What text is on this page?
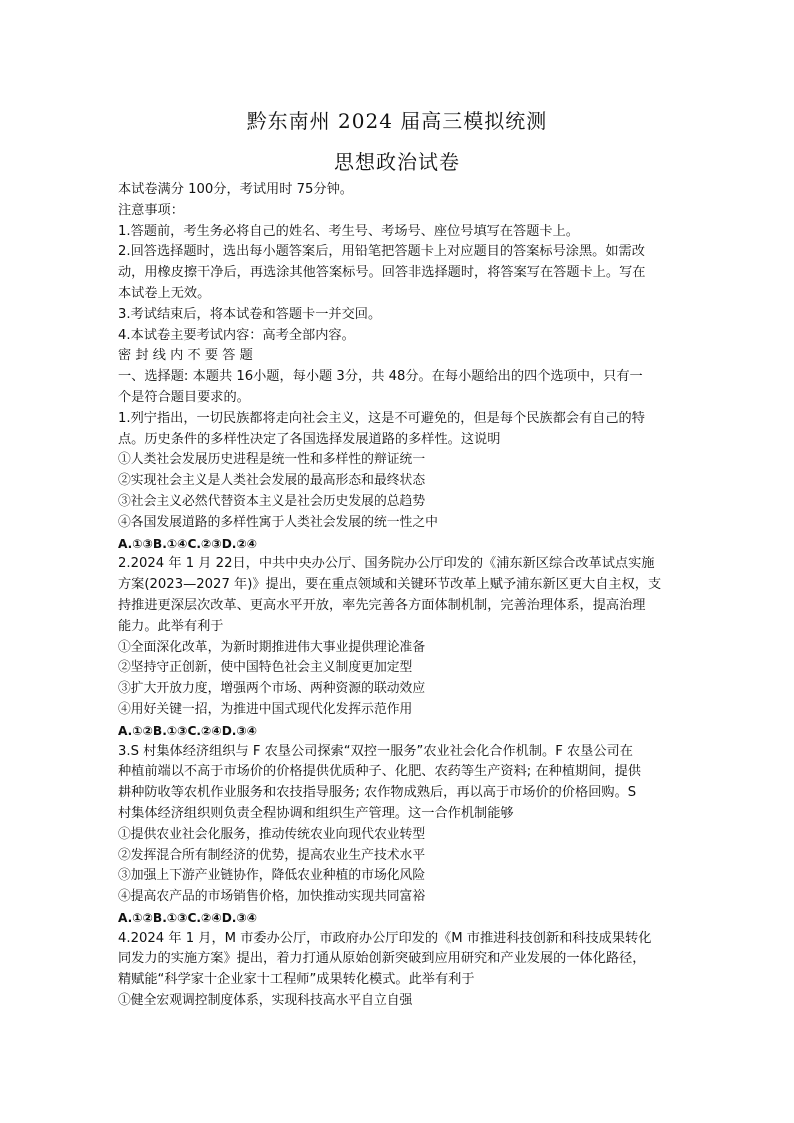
黔东南州 2024 届高三模拟统测
思想政治试卷
本试卷满分 100分，考试用时 75分钟。
注意事项：
1.答题前，考生务必将自己的姓名、考生号、考场号、座位号填写在答题卡上。
2.回答选择题时，选出每小题答案后，用铅笔把答题卡上对应题目的答案标号涂黑。如需改
动，用橡皮擦干净后，再选涂其他答案标号。回答非选择题时，将答案写在答题卡上。写在
本试卷上无效。
3.考试结束后，将本试卷和答题卡一并交回。
4.本试卷主要考试内容：高考全部内容。
密 封 线 内 不 要 答 题
一、选择题: 本题共 16小题，每小题 3分，共 48分。在每小题给出的四个选项中，只有一
个是符合题目要求的。
1.列宁指出，一切民族都将走向社会主义，这是不可避免的，但是每个民族都会有自己的特
点。历史条件的多样性决定了各国选择发展道路的多样性。这说明
①人类社会发展历史进程是统一性和多样性的辩证统一
②实现社会主义是人类社会发展的最高形态和最终状态
③社会主义必然代替资本主义是社会历史发展的总趋势
④各国发展道路的多样性寓于人类社会发展的统一性之中
A.①③B.①④C.②③D.②④
2.2024 年 1 月 22日，中共中央办公厅、国务院办公厅印发的《浦东新区综合改革试点实施
方案(2023—2027 年)》提出，要在重点领域和关键环节改革上赋予浦东新区更大自主权，支
持推进更深层次改革、更高水平开放，率先完善各方面体制机制，完善治理体系，提高治理
能力。此举有利于
①全面深化改革，为新时期推进伟大事业提供理论准备
②坚持守正创新，使中国特色社会主义制度更加定型
③扩大开放力度，增强两个市场、两种资源的联动效应
④用好关键一招，为推进中国式现代化发挥示范作用
A.①②B.①③C.②④D.③④
3.S 村集体经济组织与 F 农垦公司探索“双控一服务”农业社会化合作机制。F 农垦公司在
种植前端以不高于市场价的价格提供优质种子、化肥、农药等生产资料; 在种植期间，提供
耕种防收等农机作业服务和农技指导服务; 农作物成熟后，再以高于市场价的价格回购。S
村集体经济组织则负责全程协调和组织生产管理。这一合作机制能够
①提供农业社会化服务，推动传统农业向现代农业转型
②发挥混合所有制经济的优势，提高农业生产技术水平
③加强上下游产业链协作，降低农业种植的市场化风险
④提高农产品的市场销售价格，加快推动实现共同富裕
A.①②B.①③C.②④D.③④
4.2024 年 1 月，M 市委办公厅，市政府办公厅印发的《M 市推进科技创新和科技成果转化
同发力的实施方案》提出，着力打通从原始创新突破到应用研究和产业发展的一体化路径，
精赋能“科学家十企业家十工程师”成果转化模式。此举有利于
①健全宏观调控制度体系，实现科技高水平自立自强
